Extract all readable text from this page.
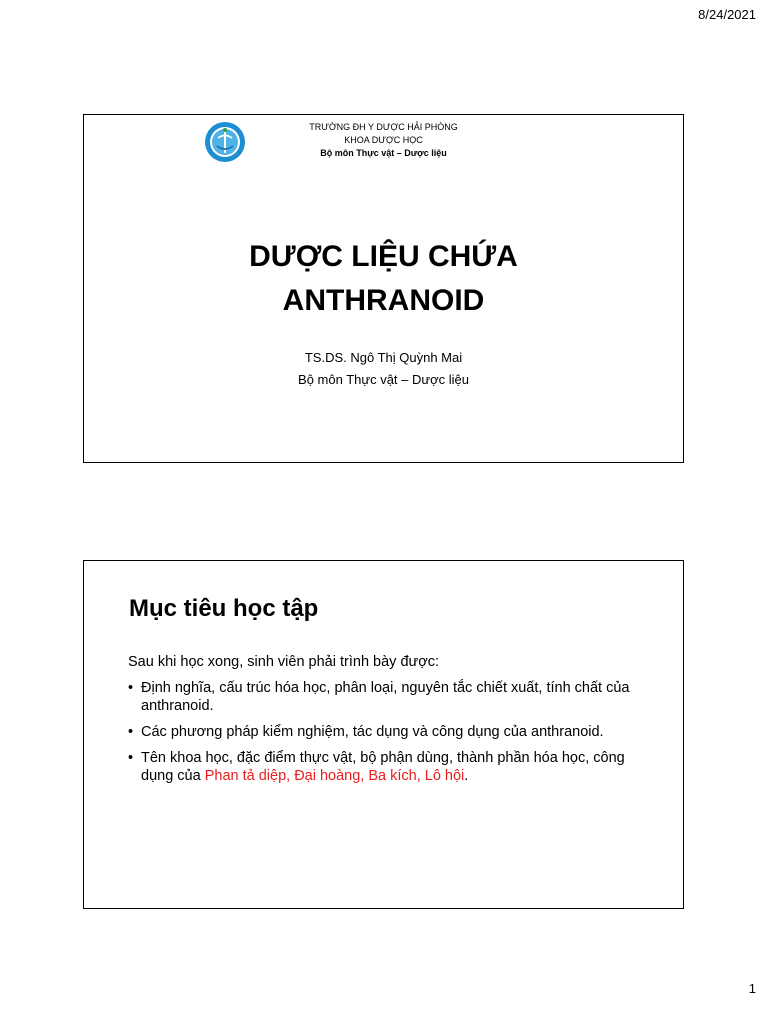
8/24/2021
TRƯỜNG ĐH Y DƯỢC HẢI PHÒNG
KHOA DƯỢC HỌC
Bộ môn Thực vật – Dược liệu
DƯỢC LIỆU CHỨA
ANTHRANOID
TS.DS. Ngô Thị Quỳnh Mai
Bộ môn Thực vật – Dược liệu
Mục tiêu học tập
Sau khi học xong, sinh viên phải trình bày được:
• Định nghĩa, cấu trúc hóa học, phân loại, nguyên tắc chiết xuất, tính chất của anthranoid.
• Các phương pháp kiểm nghiệm, tác dụng và công dụng của anthranoid.
• Tên khoa học, đặc điểm thực vật, bộ phận dùng, thành phần hóa học, công dụng của Phan tả diệp, Đại hoàng, Ba kích, Lô hội.
1
